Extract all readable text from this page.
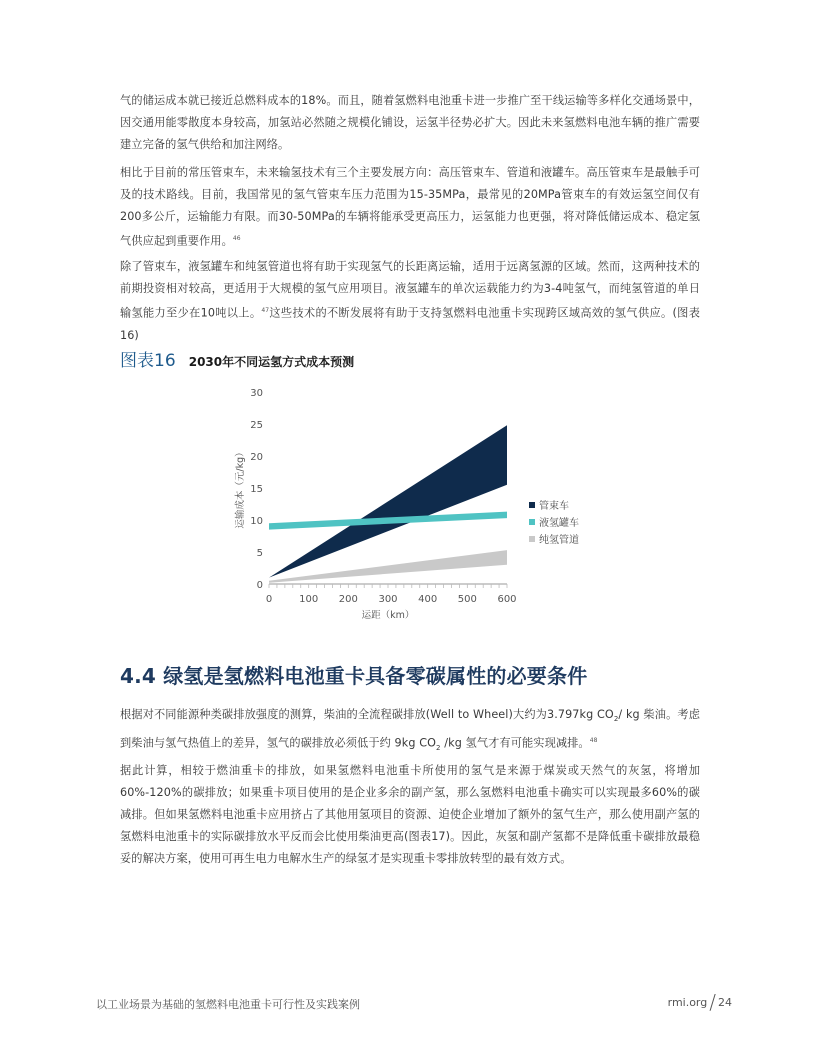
气的储运成本就已接近总燃料成本的18%。而且，随着氢燃料电池重卡进一步推广至干线运输等多样化交通场景中，因交通用能零散度本身较高，加氢站必然随之规模化铺设，运氢半径势必扩大。因此未来氢燃料电池车辆的推广需要建立完备的氢气供给和加注网络。

相比于目前的常压管束车，未来输氢技术有三个主要发展方向：高压管束车、管道和液罐车。高压管束车是最触手可及的技术路线。目前，我国常见的氢气管束车压力范围为15-35MPa，最常见的20MPa管束车的有效运氢空间仅有200多公斤，运输能力有限。而30-50MPa的车辆将能承受更高压力，运氢能力也更强，将对降低储运成本、稳定氢气供应起到重要作用。$^{46}$

除了管束车，液氢罐车和纯氢管道也将有助于实现氢气的长距离运输，适用于远离氢源的区域。然而，这两种技术的前期投资相对较高，更适用于大规模的氢气应用项目。液氢罐车的单次运载能力约为3-4吨氢气，而纯氢管道的单日输氢能力至少在10吨以上。$^{47}$这些技术的不断发展将有助于支持氢燃料电池重卡实现跨区域高效的氢气供应。(图表16)

图表16 2030年不同运氢方式成本预测
0	100 200 300 400 500 600
0
5
10
15
20
25
30
运距（km）
运输成本（元/kg）	管束车
液氢罐车
纯氢管道
4.4 绿氢是氢燃料电池重卡具备零碳属性的必要条件

根据对不同能源种类碳排放强度的测算，柴油的全流程碳排放(Well to Wheel)大约为3.797kg $CO_2/$ kg 柴油。考虑到柴油与氢气热值上的差异，氢气的碳排放必须低于约 9kg $CO_2$ /kg 氢气才有可能实现减排。$^{48}$

据此计算，相较于燃油重卡的排放，如果氢燃料电池重卡所使用的氢气是来源于煤炭或天然气的灰氢，将增加60%-120%的碳排放；如果重卡项目使用的是企业多余的副产氢，那么氢燃料电池重卡确实可以实现最多60%的碳减排。但如果氢燃料电池重卡应用挤占了其他用氢项目的资源、迫使企业增加了额外的氢气生产，那么使用副产氢的氢燃料电池重卡的实际碳排放水平反而会比使用柴油更高(图表17)。因此，灰氢和副产氢都不是降低重卡碳排放最稳妥的解决方案，使用可再生电力电解水生产的绿氢才是实现重卡零排放转型的最有效方式。

以工业场景为基础的氢燃料电池重卡可行性及实践案例	rmi.org / 24
